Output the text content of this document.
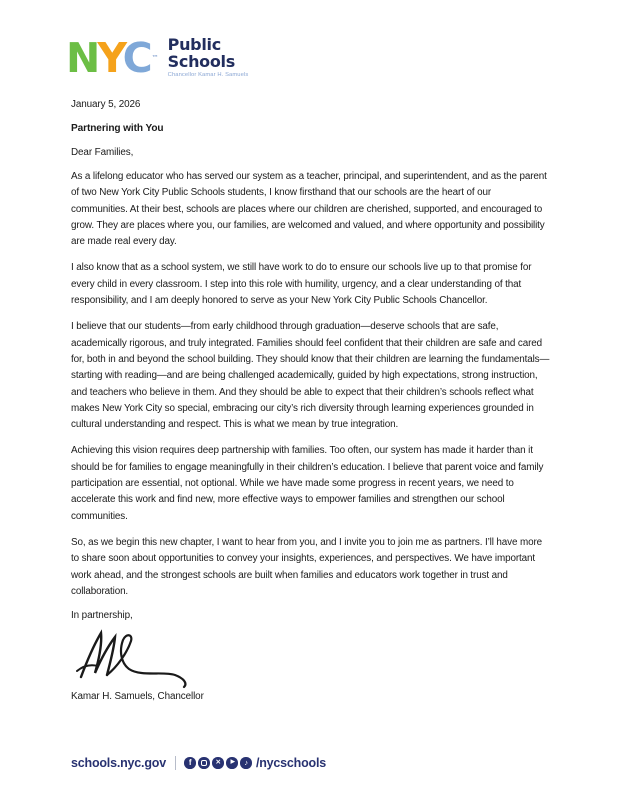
NYC ™
Public
Schools
Chancellor Kamar H. Samuels
January 5, 2026
Partnering with You
Dear Families,

As a lifelong educator who has served our system as a teacher, principal, and superintendent, and as the parent of two New York City Public Schools students, I know firsthand that our schools are the heart of our communities. At their best, schools are places where our children are cherished, supported, and encouraged to grow. They are places where you, our families, are welcomed and valued, and where opportunity and possibility are made real every day.

I also know that as a school system, we still have work to do to ensure our schools live up to that promise for every child in every classroom. I step into this role with humility, urgency, and a clear understanding of that responsibility, and I am deeply honored to serve as your New York City Public Schools Chancellor.

I believe that our students—from early childhood through graduation—deserve schools that are safe, academically rigorous, and truly integrated. Families should feel confident that their children are safe and cared for, both in and beyond the school building. They should know that their children are learning the fundamentals—starting with reading—and are being challenged academically, guided by high expectations, strong instruction, and teachers who believe in them. And they should be able to expect that their children’s schools reflect what makes New York City so special, embracing our city’s rich diversity through learning experiences grounded in cultural understanding and respect. This is what we mean by true integration.

Achieving this vision requires deep partnership with families. Too often, our system has made it harder than it should be for families to engage meaningfully in their children’s education. I believe that parent voice and family participation are essential, not optional. While we have made some progress in recent years, we need to accelerate this work and find new, more effective ways to empower families and strengthen our school communities.

So, as we begin this new chapter, I want to hear from you, and I invite you to join me as partners. I’ll have more to share soon about opportunities to convey your insights, experiences, and perspectives. We have important work ahead, and the strongest schools are built when families and educators work together in trust and collaboration.

In partnership,
Kamar H. Samuels, Chancellor
schools.nyc.gov	f	✕ ▶ ♪ /nycschools
